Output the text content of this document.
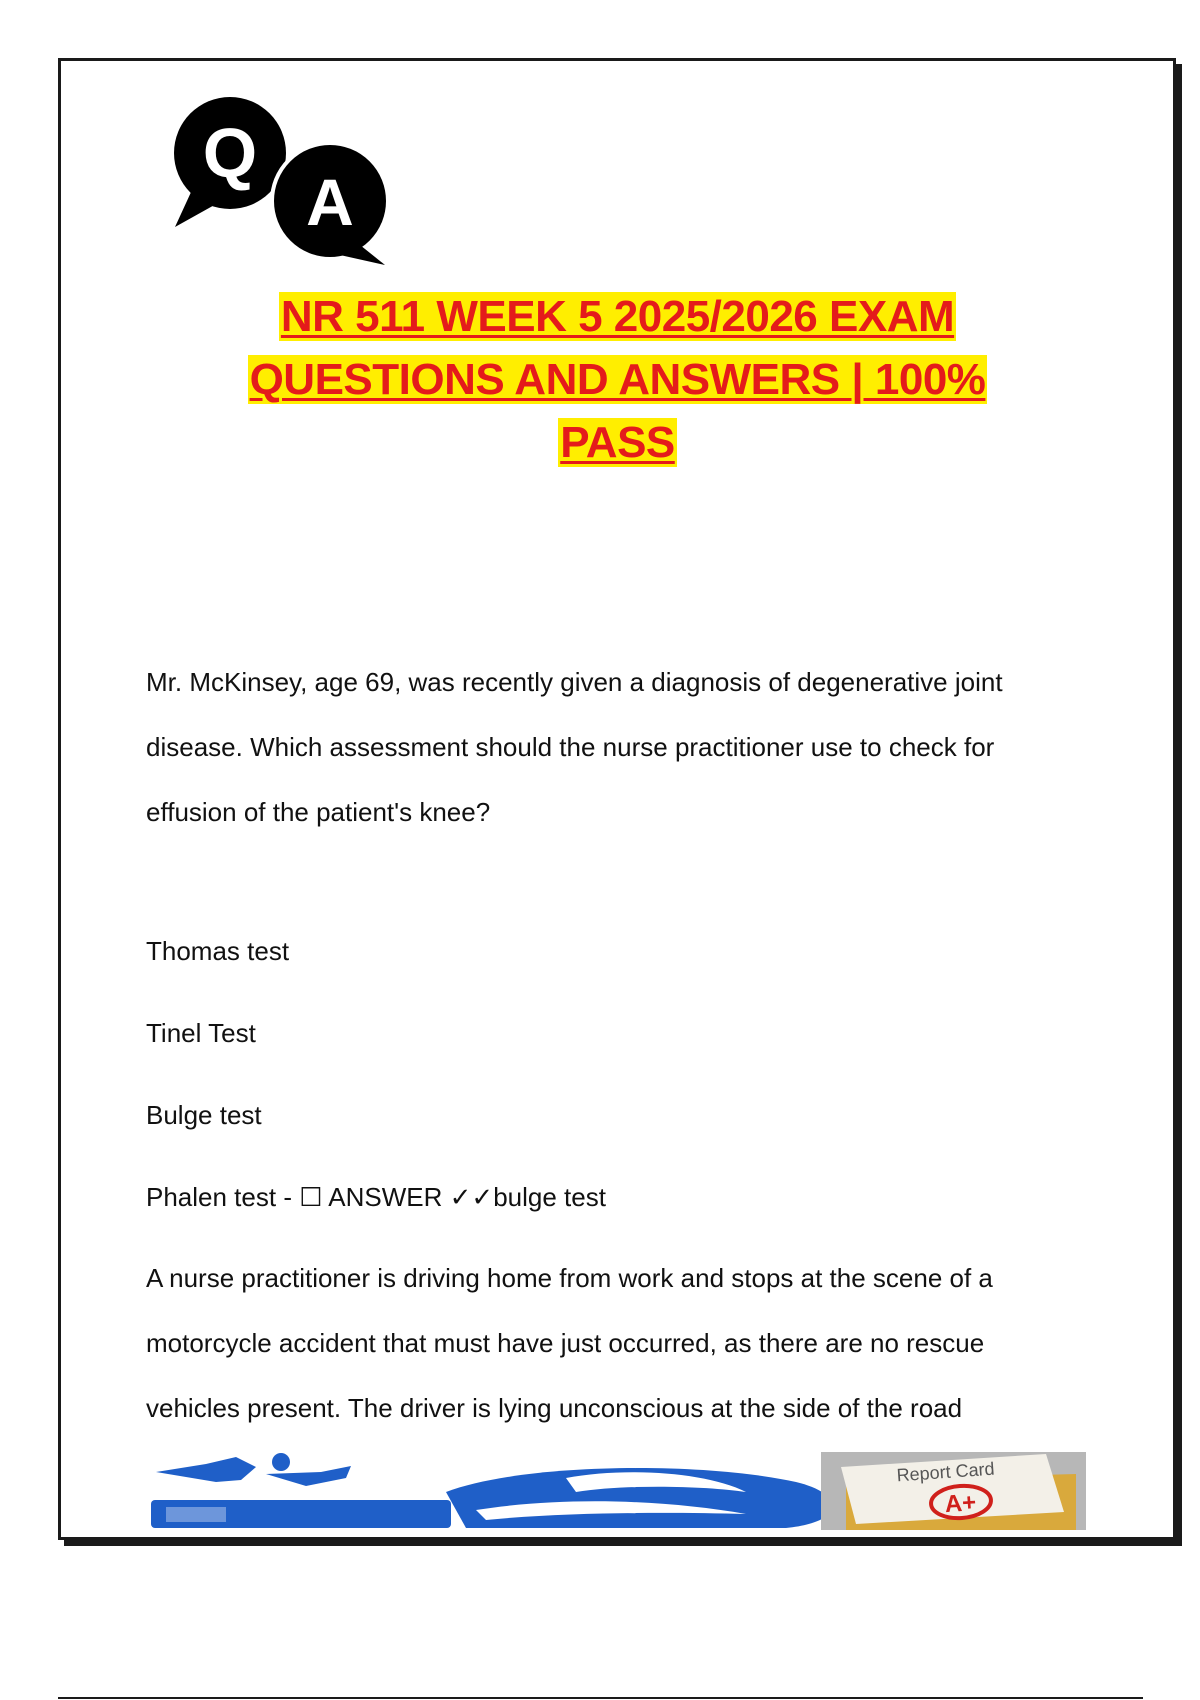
Q
A
NR 511 WEEK 5 2025/2026 EXAM
QUESTIONS AND ANSWERS | 100%
PASS

Mr. McKinsey, age 69, was recently given a diagnosis of degenerative joint

disease. Which assessment should the nurse practitioner use to check for

effusion of the patient's knee?

Thomas test

Tinel Test

Bulge test

Phalen test - ☐ ANSWER ✓✓bulge test

A nurse practitioner is driving home from work and stops at the scene of a

motorcycle accident that must have just occurred, as there are no rescue

vehicles present. The driver is lying unconscious at the side of the road

Report Card
A+
